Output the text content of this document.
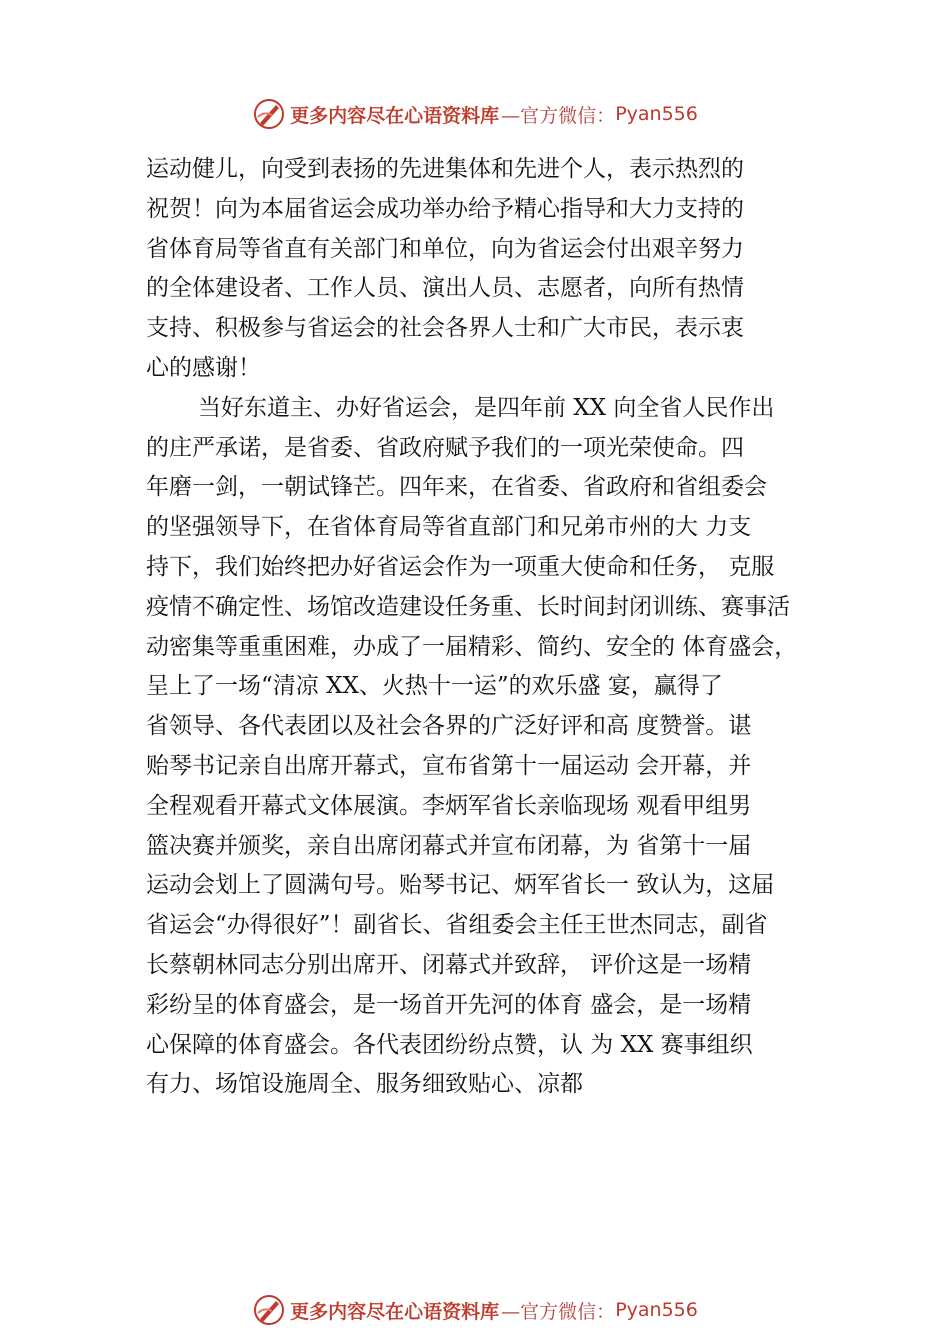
更多内容尽在心语资料库 —官方微信： Pyan556
运动健儿，向受到表扬的先进集体和先进个人，表示热烈的
祝贺！向为本届省运会成功举办给予精心指导和大力支持的
省体育局等省直有关部门和单位，向为省运会付出艰辛努力
的全体建设者、工作人员、演出人员、志愿者，向所有热情
支持、积极参与省运会的社会各界人士和广大市民，表示衷
心的感谢！
当好东道主、办好省运会，是四年前 XX 向全省人民作出
的庄严承诺，是省委、省政府赋予我们的一项光荣使命。四
年磨一剑，一朝试锋芒。四年来，在省委、省政府和省组委会
的坚强领导下，在省体育局等省直部门和兄弟市州的大 力支
持下，我们始终把办好省运会作为一项重大使命和任务， 克服
疫情不确定性、场馆改造建设任务重、长时间封闭训练、赛事活
动密集等重重困难，办成了一届精彩、简约、安全的 体育盛会，
呈上了一场“清凉 XX、火热十一运”的欢乐盛 宴，赢得了
省领导、各代表团以及社会各界的广泛好评和高 度赞誉。谌
贻琴书记亲自出席开幕式，宣布省第十一届运动 会开幕，并
全程观看开幕式文体展演。李炳军省长亲临现场 观看甲组男
篮决赛并颁奖，亲自出席闭幕式并宣布闭幕，为 省第十一届
运动会划上了圆满句号。贻琴书记、炳军省长一 致认为，这届
省运会“办得很好”！副省长、省组委会主任王世杰同志，副省
长蔡朝林同志分别出席开、闭幕式并致辞， 评价这是一场精
彩纷呈的体育盛会，是一场首开先河的体育 盛会，是一场精
心保障的体育盛会。各代表团纷纷点赞，认 为 XX 赛事组织
有力、场馆设施周全、服务细致贴心、凉都
更多内容尽在心语资料库 —官方微信： Pyan556
